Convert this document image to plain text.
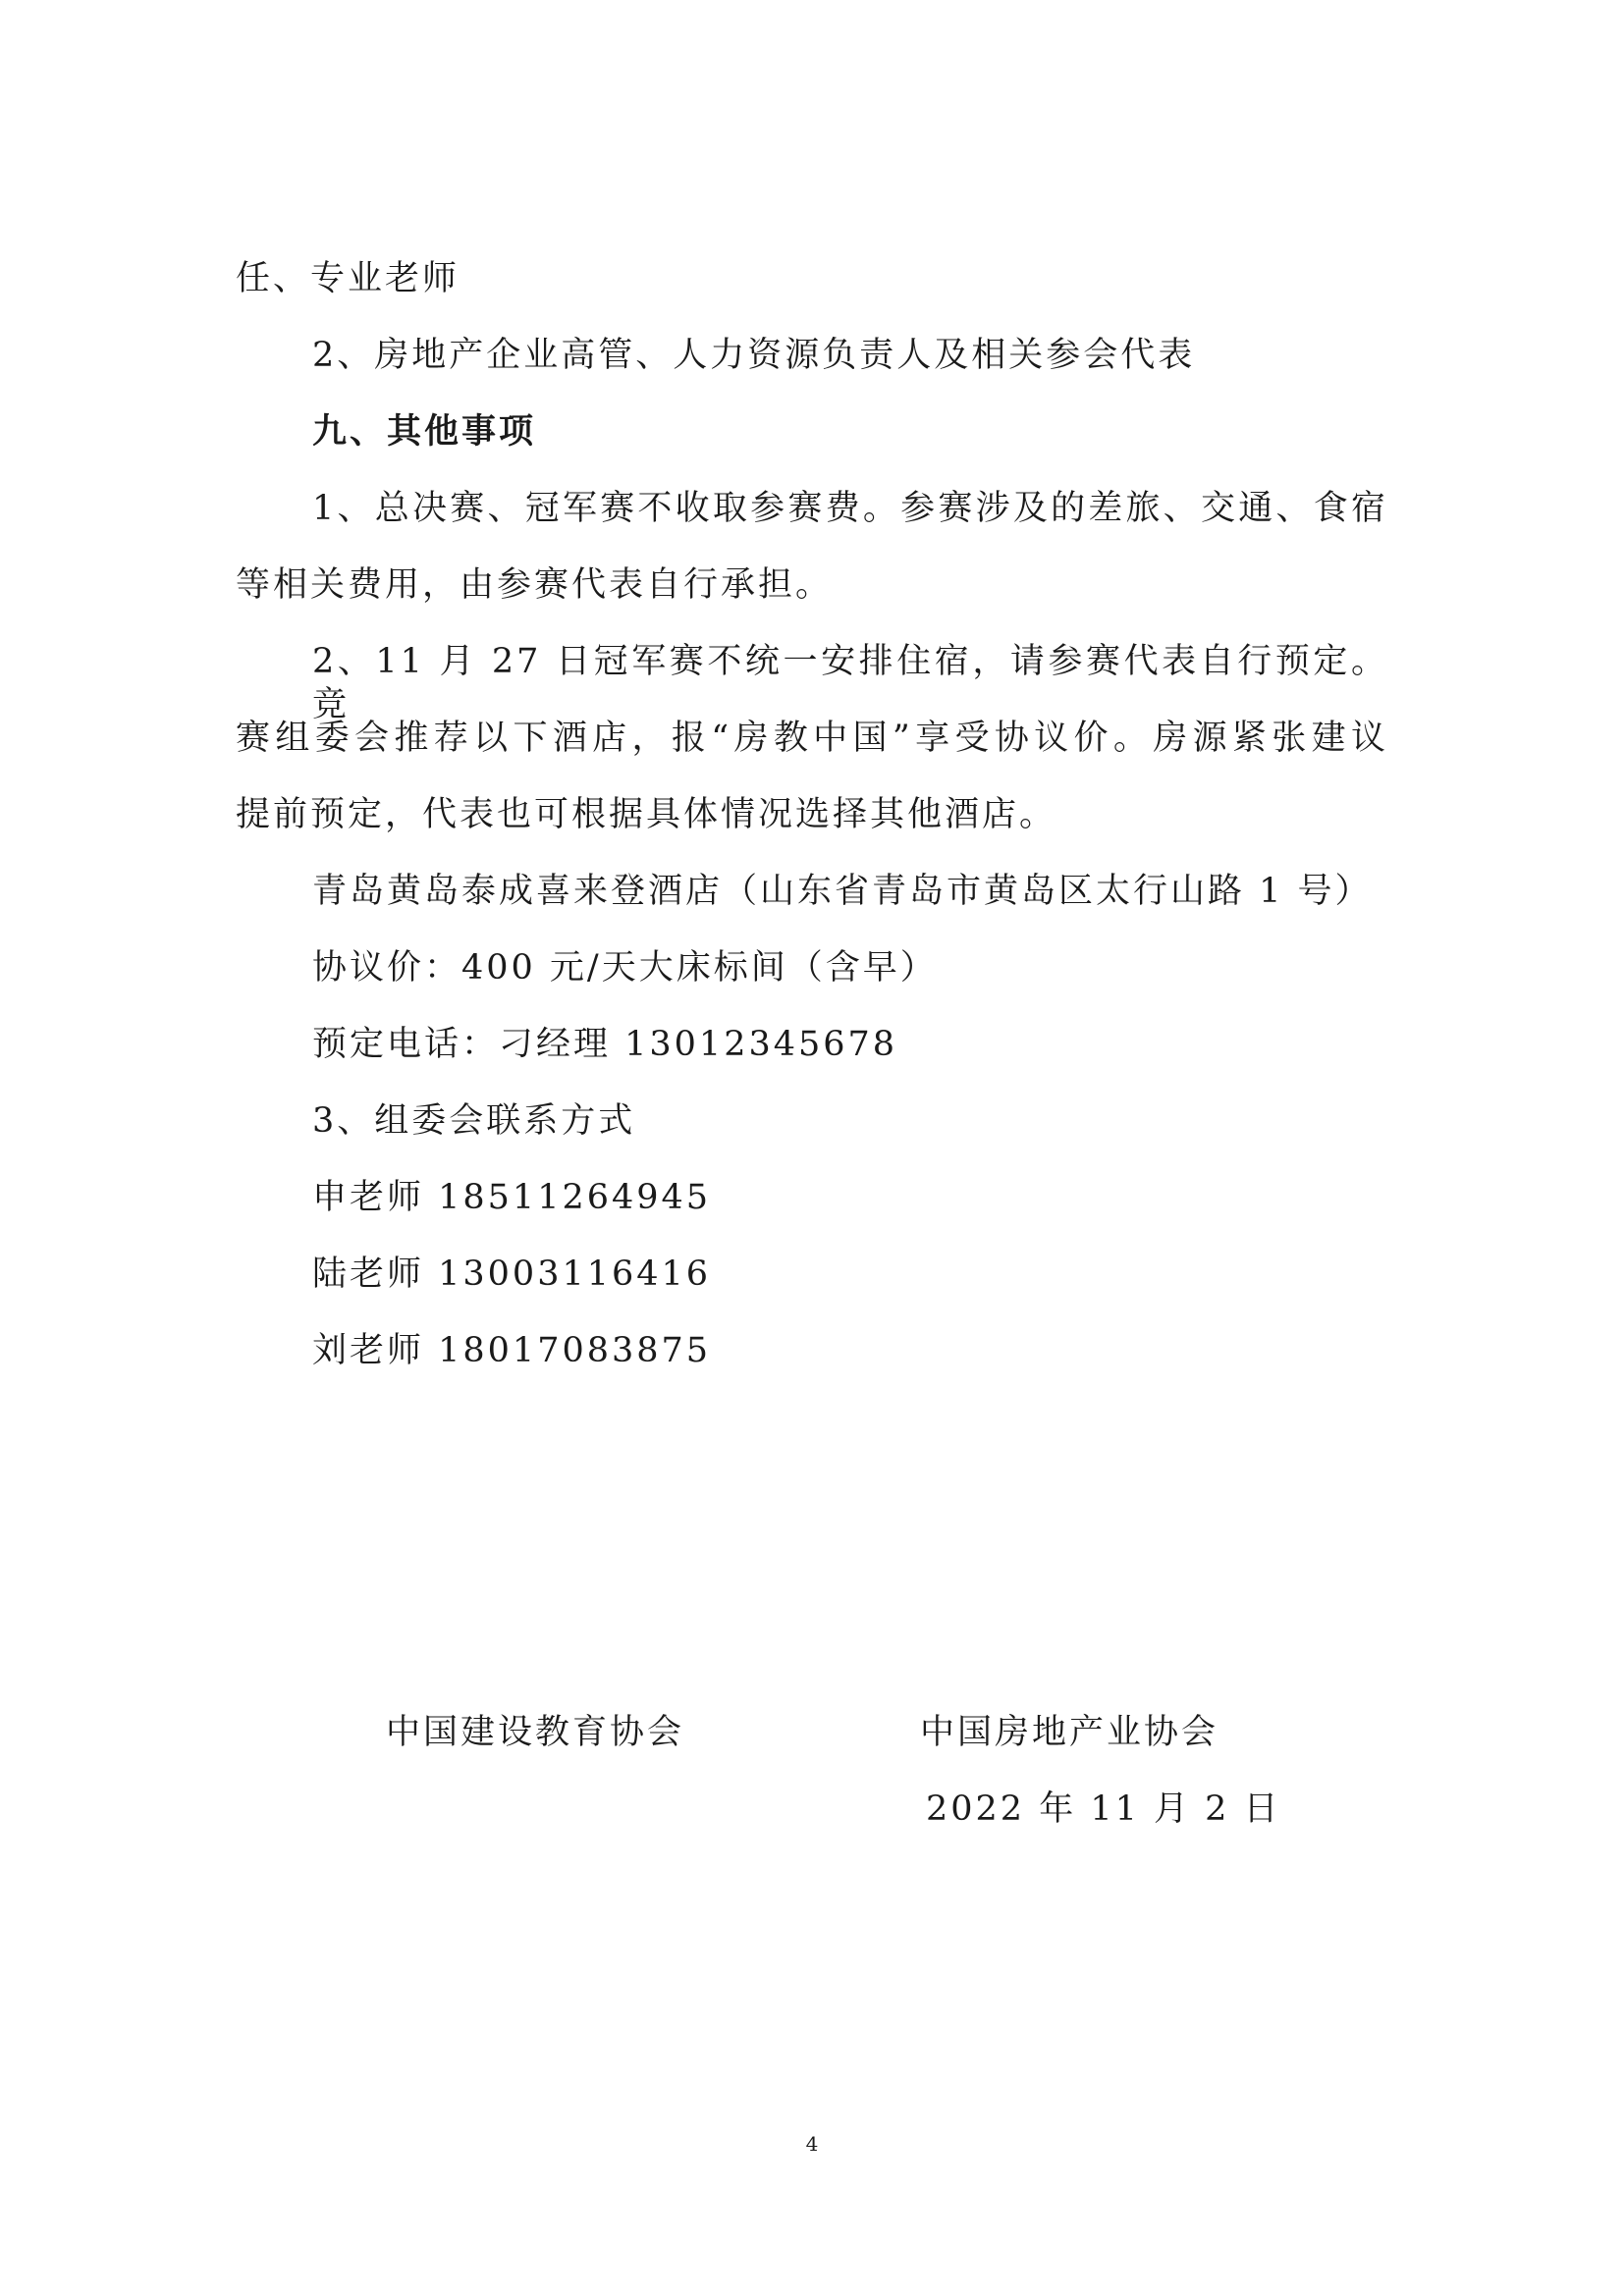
任、专业老师
2、房地产企业高管、人力资源负责人及相关参会代表
九、其他事项
1、总决赛、冠军赛不收取参赛费。参赛涉及的差旅、交通、食宿
等相关费用，由参赛代表自行承担。
2、11 月 27 日冠军赛不统一安排住宿，请参赛代表自行预定。竞
赛组委会推荐以下酒店，报“房教中国”享受协议价。房源紧张建议
提前预定，代表也可根据具体情况选择其他酒店。
青岛黄岛泰成喜来登酒店（山东省青岛市黄岛区太行山路 1 号）
协议价：400 元/天大床标间（含早）
预定电话：刁经理 13012345678
3、组委会联系方式
申老师 18511264945
陆老师 13003116416
刘老师 18017083875
中国建设教育协会	中国房地产业协会
2022 年 11 月 2 日
4
